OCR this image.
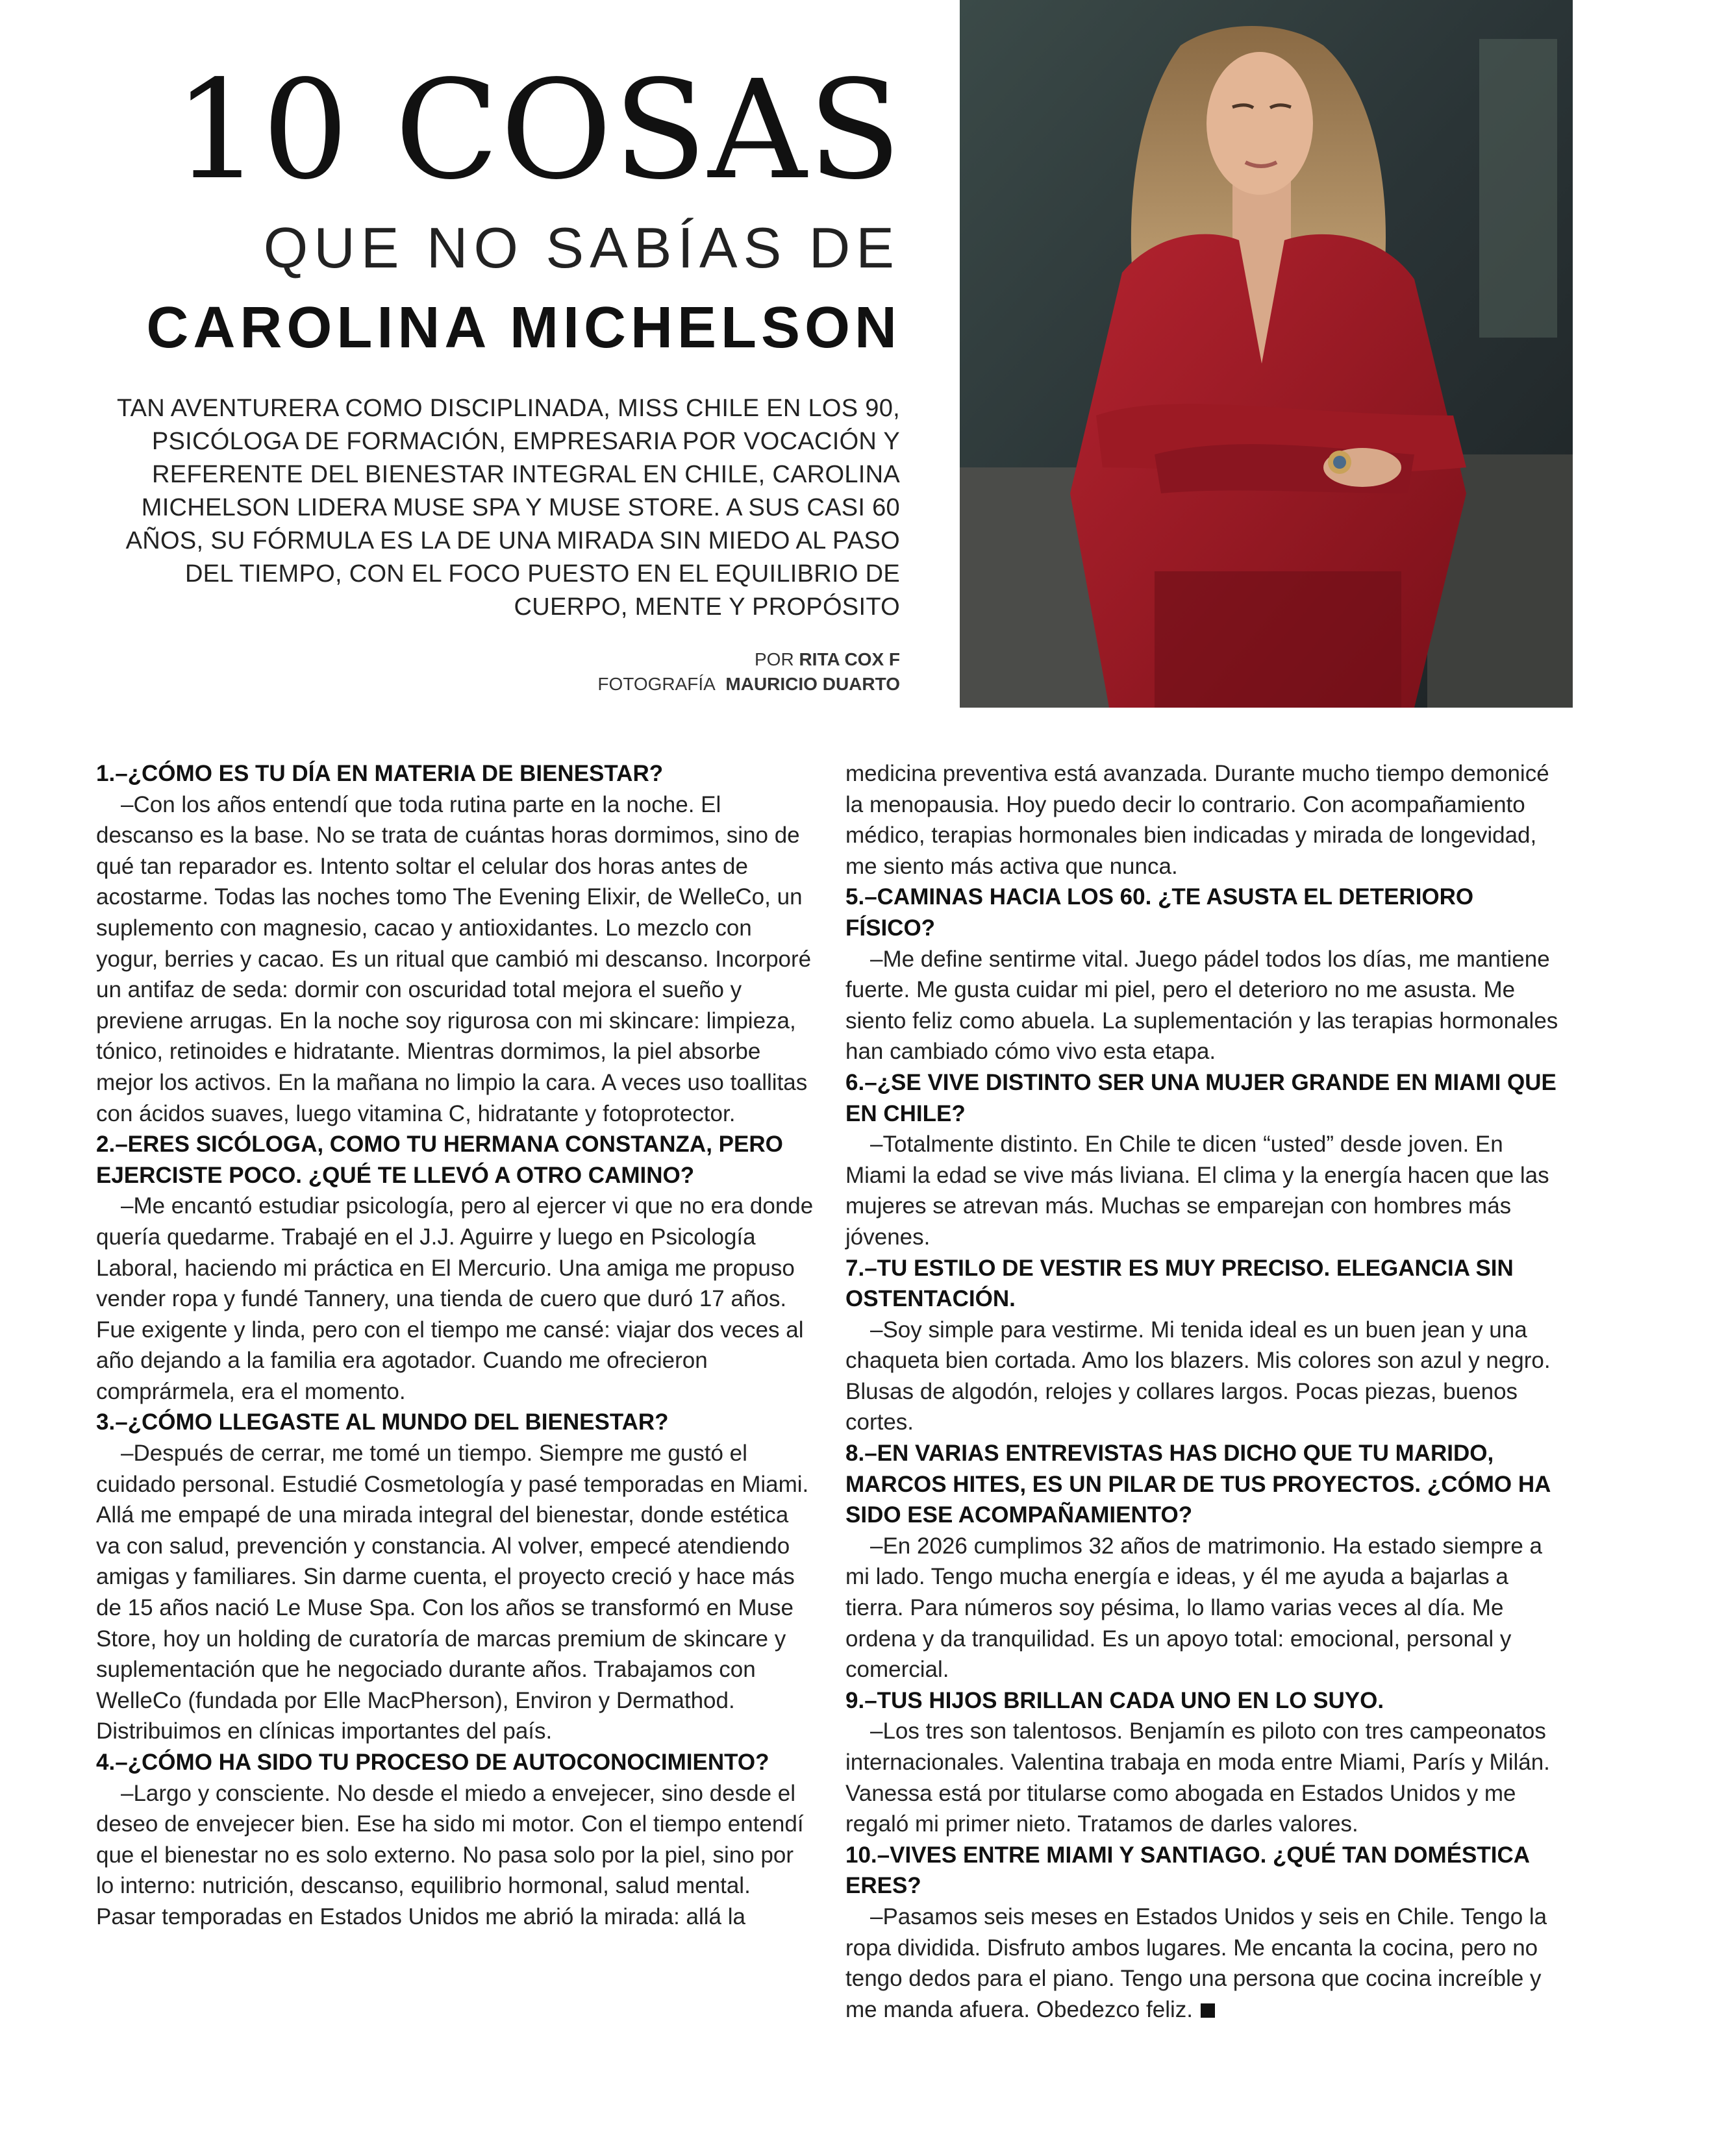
10 COSAS
QUE NO SABÍAS DE
CAROLINA MICHELSON
TAN AVENTURERA COMO DISCIPLINADA, MISS CHILE EN LOS 90, PSICÓLOGA DE FORMACIÓN, EMPRESARIA POR VOCACIÓN Y REFERENTE DEL BIENESTAR INTEGRAL EN CHILE, CAROLINA MICHELSON LIDERA MUSE SPA Y MUSE STORE. A SUS CASI 60 AÑOS, SU FÓRMULA ES LA DE UNA MIRADA SIN MIEDO AL PASO DEL TIEMPO, CON EL FOCO PUESTO EN EL EQUILIBRIO DE CUERPO, MENTE Y PROPÓSITO
POR RITA COX F
FOTOGRAFÍA MAURICIO DUARTO
1.–¿CÓMO ES TU DÍA EN MATERIA DE BIENESTAR?
–Con los años entendí que toda rutina parte en la noche. El descanso es la base. No se trata de cuántas horas dormimos, sino de qué tan reparador es. Intento soltar el celular dos horas antes de acostarme. Todas las noches tomo The Evening Elixir, de WelleCo, un suplemento con magnesio, cacao y antioxidantes. Lo mezclo con yogur, berries y cacao. Es un ritual que cambió mi descanso. Incorporé un antifaz de seda: dormir con oscuridad total mejora el sueño y previene arrugas. En la noche soy rigurosa con mi skincare: limpieza, tónico, retinoides e hidratante. Mientras dormimos, la piel absorbe mejor los activos. En la mañana no limpio la cara. A veces uso toallitas con ácidos suaves, luego vitamina C, hidratante y fotoprotector.
2.–ERES SICÓLOGA, COMO TU HERMANA CONSTANZA, PERO EJERCISTE POCO. ¿QUÉ TE LLEVÓ A OTRO CAMINO?
–Me encantó estudiar psicología, pero al ejercer vi que no era donde quería quedarme. Trabajé en el J.J. Aguirre y luego en Psicología Laboral, haciendo mi práctica en El Mercurio. Una amiga me propuso vender ropa y fundé Tannery, una tienda de cuero que duró 17 años. Fue exigente y linda, pero con el tiempo me cansé: viajar dos veces al año dejando a la familia era agotador. Cuando me ofrecieron comprármela, era el momento.
3.–¿CÓMO LLEGASTE AL MUNDO DEL BIENESTAR?
–Después de cerrar, me tomé un tiempo. Siempre me gustó el cuidado personal. Estudié Cosmetología y pasé temporadas en Miami. Allá me empapé de una mirada integral del bienestar, donde estética va con salud, prevención y constancia. Al volver, empecé atendiendo amigas y familiares. Sin darme cuenta, el proyecto creció y hace más de 15 años nació Le Muse Spa. Con los años se transformó en Muse Store, hoy un holding de curatoría de marcas premium de skincare y suplementación que he negociado durante años. Trabajamos con WelleCo (fundada por Elle MacPherson), Environ y Dermathod. Distribuimos en clínicas importantes del país.
4.–¿CÓMO HA SIDO TU PROCESO DE AUTOCONOCIMIENTO?
–Largo y consciente. No desde el miedo a envejecer, sino desde el deseo de envejecer bien. Ese ha sido mi motor. Con el tiempo entendí que el bienestar no es solo externo. No pasa solo por la piel, sino por lo interno: nutrición, descanso, equilibrio hormonal, salud mental. Pasar temporadas en Estados Unidos me abrió la mirada: allá la
medicina preventiva está avanzada. Durante mucho tiempo demonicé la menopausia. Hoy puedo decir lo contrario. Con acompañamiento médico, terapias hormonales bien indicadas y mirada de longevidad, me siento más activa que nunca.
5.–CAMINAS HACIA LOS 60. ¿TE ASUSTA EL DETERIORO FÍSICO?
–Me define sentirme vital. Juego pádel todos los días, me mantiene fuerte. Me gusta cuidar mi piel, pero el deterioro no me asusta. Me siento feliz como abuela. La suplementación y las terapias hormonales han cambiado cómo vivo esta etapa.
6.–¿SE VIVE DISTINTO SER UNA MUJER GRANDE EN MIAMI QUE EN CHILE?
–Totalmente distinto. En Chile te dicen “usted” desde joven. En Miami la edad se vive más liviana. El clima y la energía hacen que las mujeres se atrevan más. Muchas se emparejan con hombres más jóvenes.
7.–TU ESTILO DE VESTIR ES MUY PRECISO. ELEGANCIA SIN OSTENTACIÓN.
–Soy simple para vestirme. Mi tenida ideal es un buen jean y una chaqueta bien cortada. Amo los blazers. Mis colores son azul y negro. Blusas de algodón, relojes y collares largos. Pocas piezas, buenos cortes.
8.–EN VARIAS ENTREVISTAS HAS DICHO QUE TU MARIDO, MARCOS HITES, ES UN PILAR DE TUS PROYECTOS. ¿CÓMO HA SIDO ESE ACOMPAÑAMIENTO?
–En 2026 cumplimos 32 años de matrimonio. Ha estado siempre a mi lado. Tengo mucha energía e ideas, y él me ayuda a bajarlas a tierra. Para números soy pésima, lo llamo varias veces al día. Me ordena y da tranquilidad. Es un apoyo total: emocional, personal y comercial.
9.–TUS HIJOS BRILLAN CADA UNO EN LO SUYO.
–Los tres son talentosos. Benjamín es piloto con tres campeonatos internacionales. Valentina trabaja en moda entre Miami, París y Milán. Vanessa está por titularse como abogada en Estados Unidos y me regaló mi primer nieto. Tratamos de darles valores.
10.–VIVES ENTRE MIAMI Y SANTIAGO. ¿QUÉ TAN DOMÉSTICA ERES?
–Pasamos seis meses en Estados Unidos y seis en Chile. Tengo la ropa dividida. Disfruto ambos lugares. Me encanta la cocina, pero no tengo dedos para el piano. Tengo una persona que cocina increíble y me manda afuera. Obedezco feliz.
